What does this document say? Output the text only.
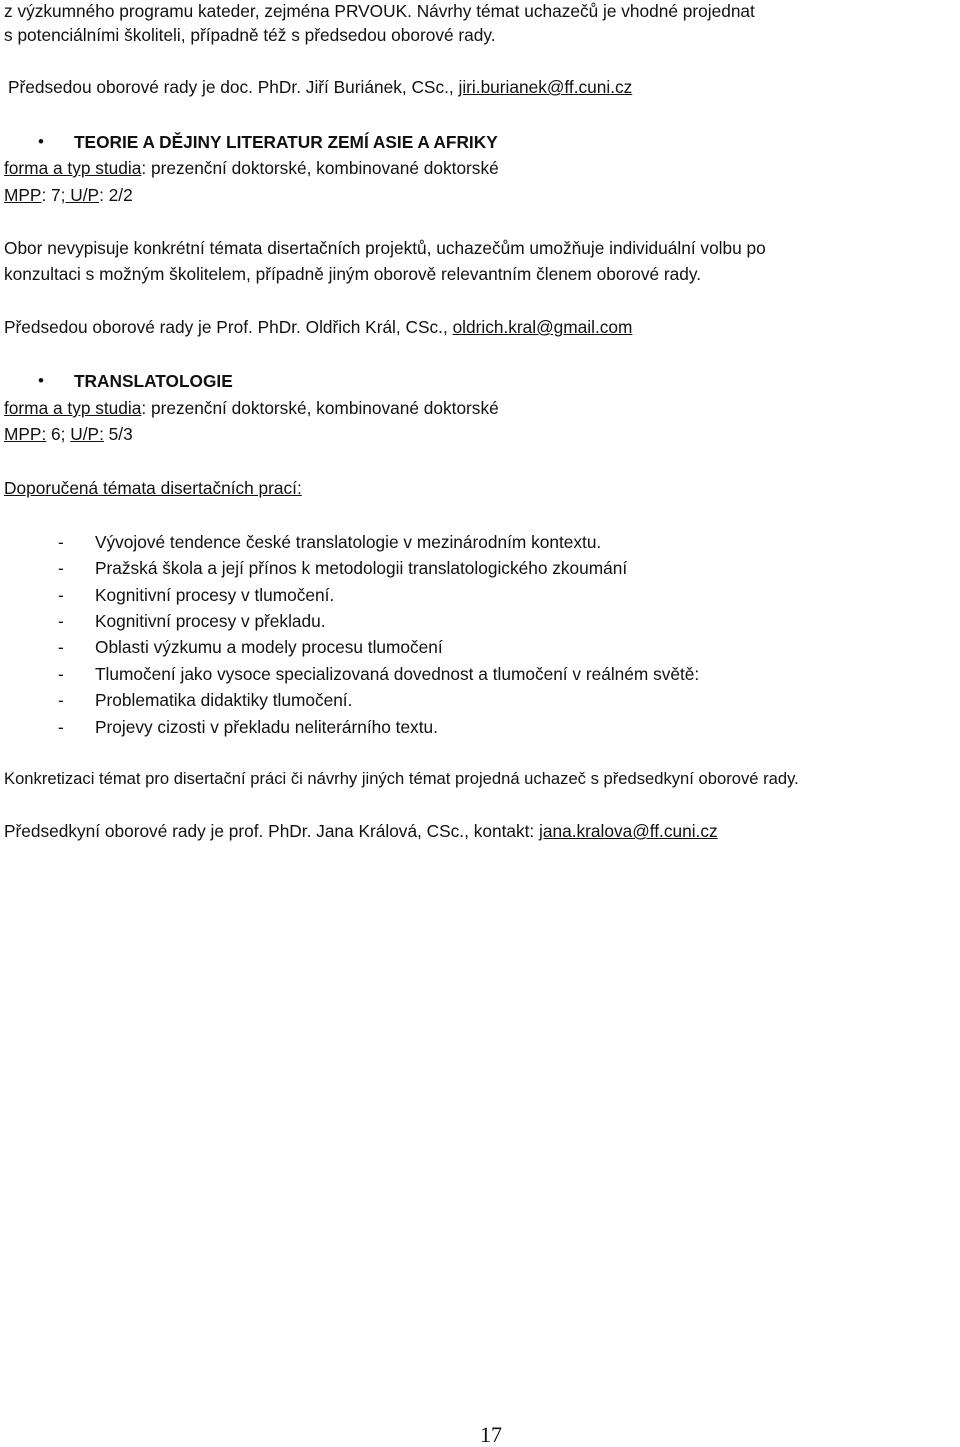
z výzkumného programu kateder, zejména PRVOUK. Návrhy témat uchazečů je vhodné projednat
s potenciálními školiteli, případně též s předsedou oborové rady.
Předsedou oborové rady je doc. PhDr. Jiří Buriánek, CSc., jiri.burianek@ff.cuni.cz
• TEORIE A DĚJINY LITERATUR ZEMÍ ASIE A AFRIKY
forma a typ studia: prezenční doktorské, kombinované doktorské
MPP: 7; U/P: 2/2
Obor nevypisuje konkrétní témata disertačních projektů, uchazečům umožňuje individuální volbu po
konzultaci s možným školitelem, případně jiným oborově relevantním členem oborové rady.
Předsedou oborové rady je Prof. PhDr. Oldřich Král, CSc., oldrich.kral@gmail.com
• TRANSLATOLOGIE
forma a typ studia: prezenční doktorské, kombinované doktorské
MPP: 6; U/P: 5/3
Doporučená témata disertačních prací:
- Vývojové tendence české translatologie v mezinárodním kontextu.
- Pražská škola a její přínos k metodologii translatologického zkoumání
- Kognitivní procesy v tlumočení.
- Kognitivní procesy v překladu.
- Oblasti výzkumu a modely procesu tlumočení
- Tlumočení jako vysoce specializovaná dovednost a tlumočení v reálném světě:
- Problematika didaktiky tlumočení.
- Projevy cizosti v překladu neliterárního textu.
Konkretizaci témat pro disertační práci či návrhy jiných témat projedná uchazeč s předsedkyní oborové rady.
Předsedkyní oborové rady je prof. PhDr. Jana Králová, CSc., kontakt: jana.kralova@ff.cuni.cz
17
